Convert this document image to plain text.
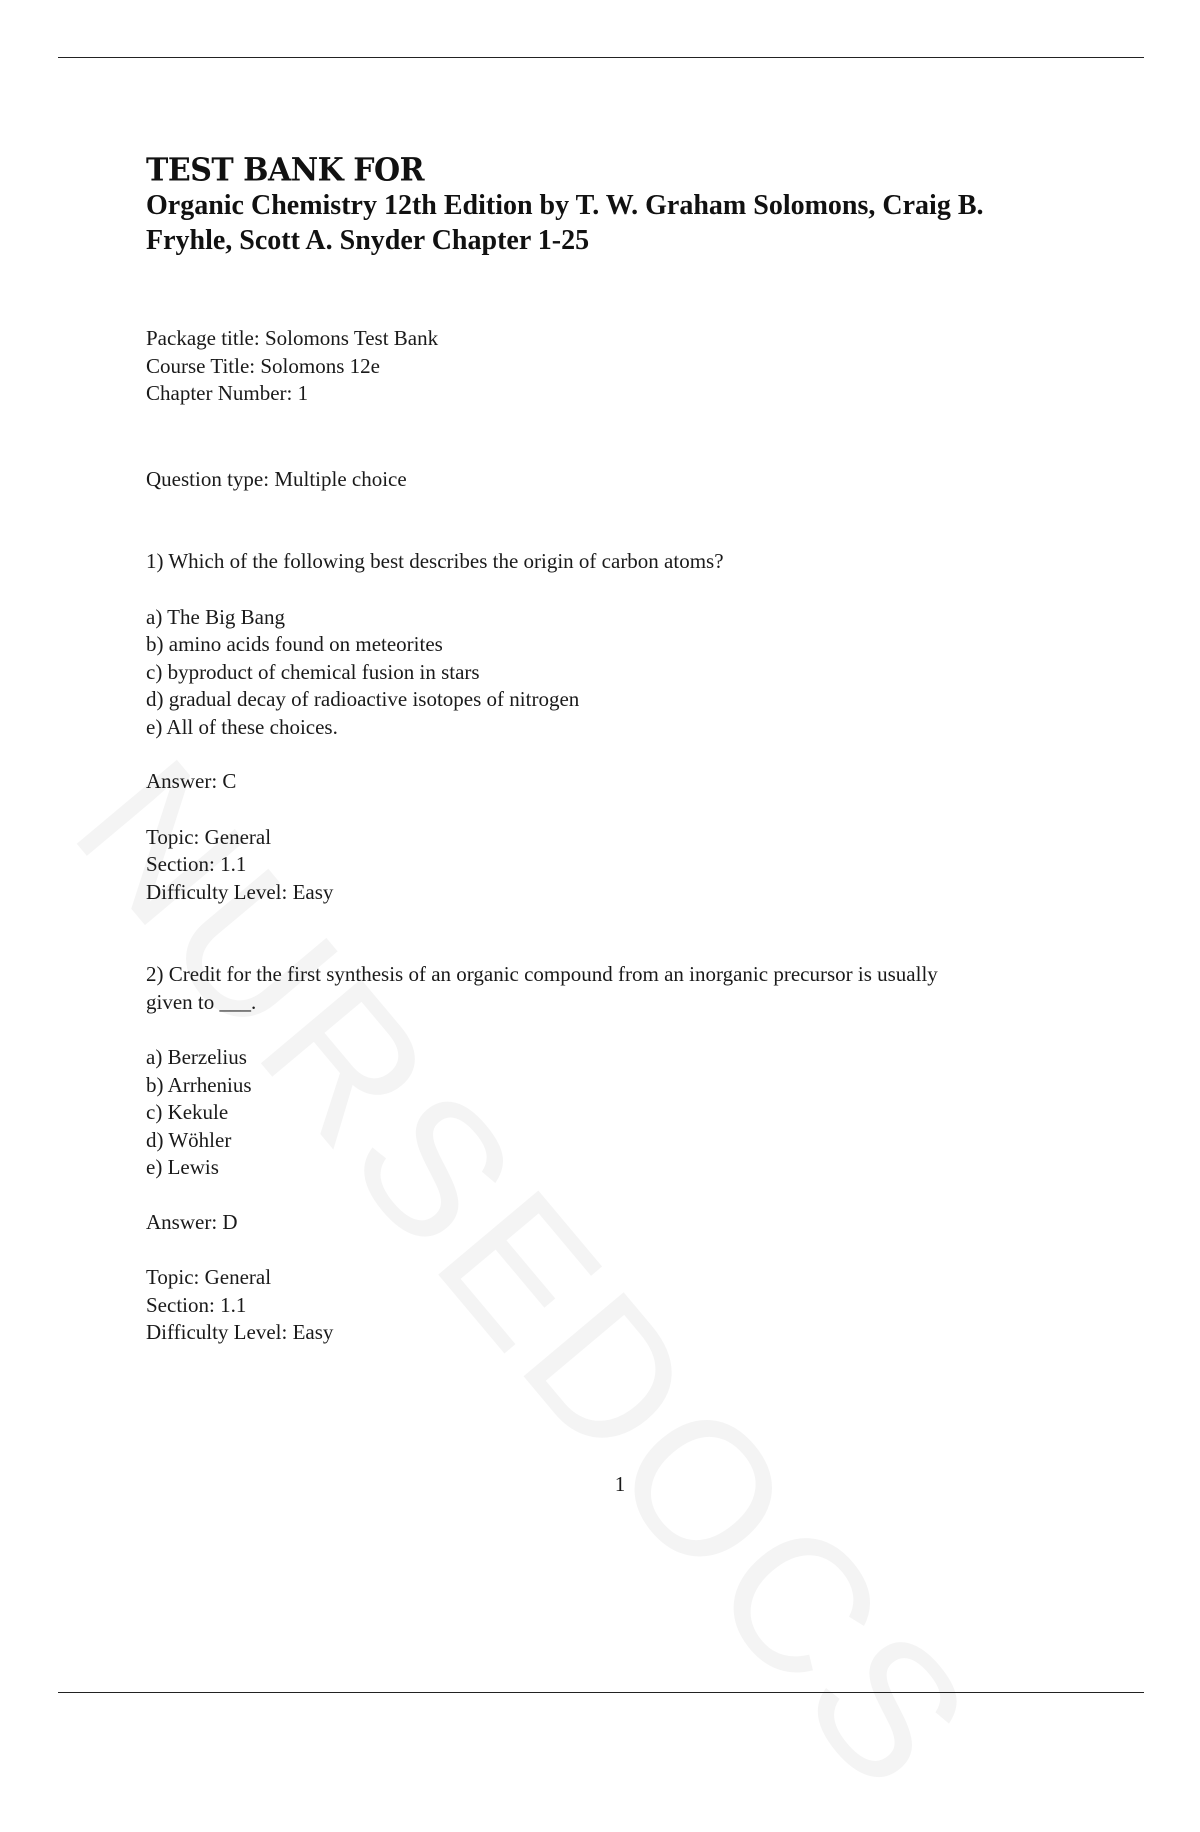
TEST BANK FOR
Organic Chemistry 12th Edition by T. W. Graham Solomons, Craig B.
Fryhle, Scott A. Snyder Chapter 1-25
Package title: Solomons Test Bank
Course Title: Solomons 12e
Chapter Number: 1
Question type: Multiple choice
1) Which of the following best describes the origin of carbon atoms?
a) The Big Bang
b) amino acids found on meteorites
c) byproduct of chemical fusion in stars
d) gradual decay of radioactive isotopes of nitrogen
e) All of these choices.
Answer: C
Topic: General
Section: 1.1
Difficulty Level: Easy
2) Credit for the first synthesis of an organic compound from an inorganic precursor is usually
given to ___.
a) Berzelius
b) Arrhenius
c) Kekule
d) Wöhler
e) Lewis
Answer: D
Topic: General
Section: 1.1
Difficulty Level: Easy
1
